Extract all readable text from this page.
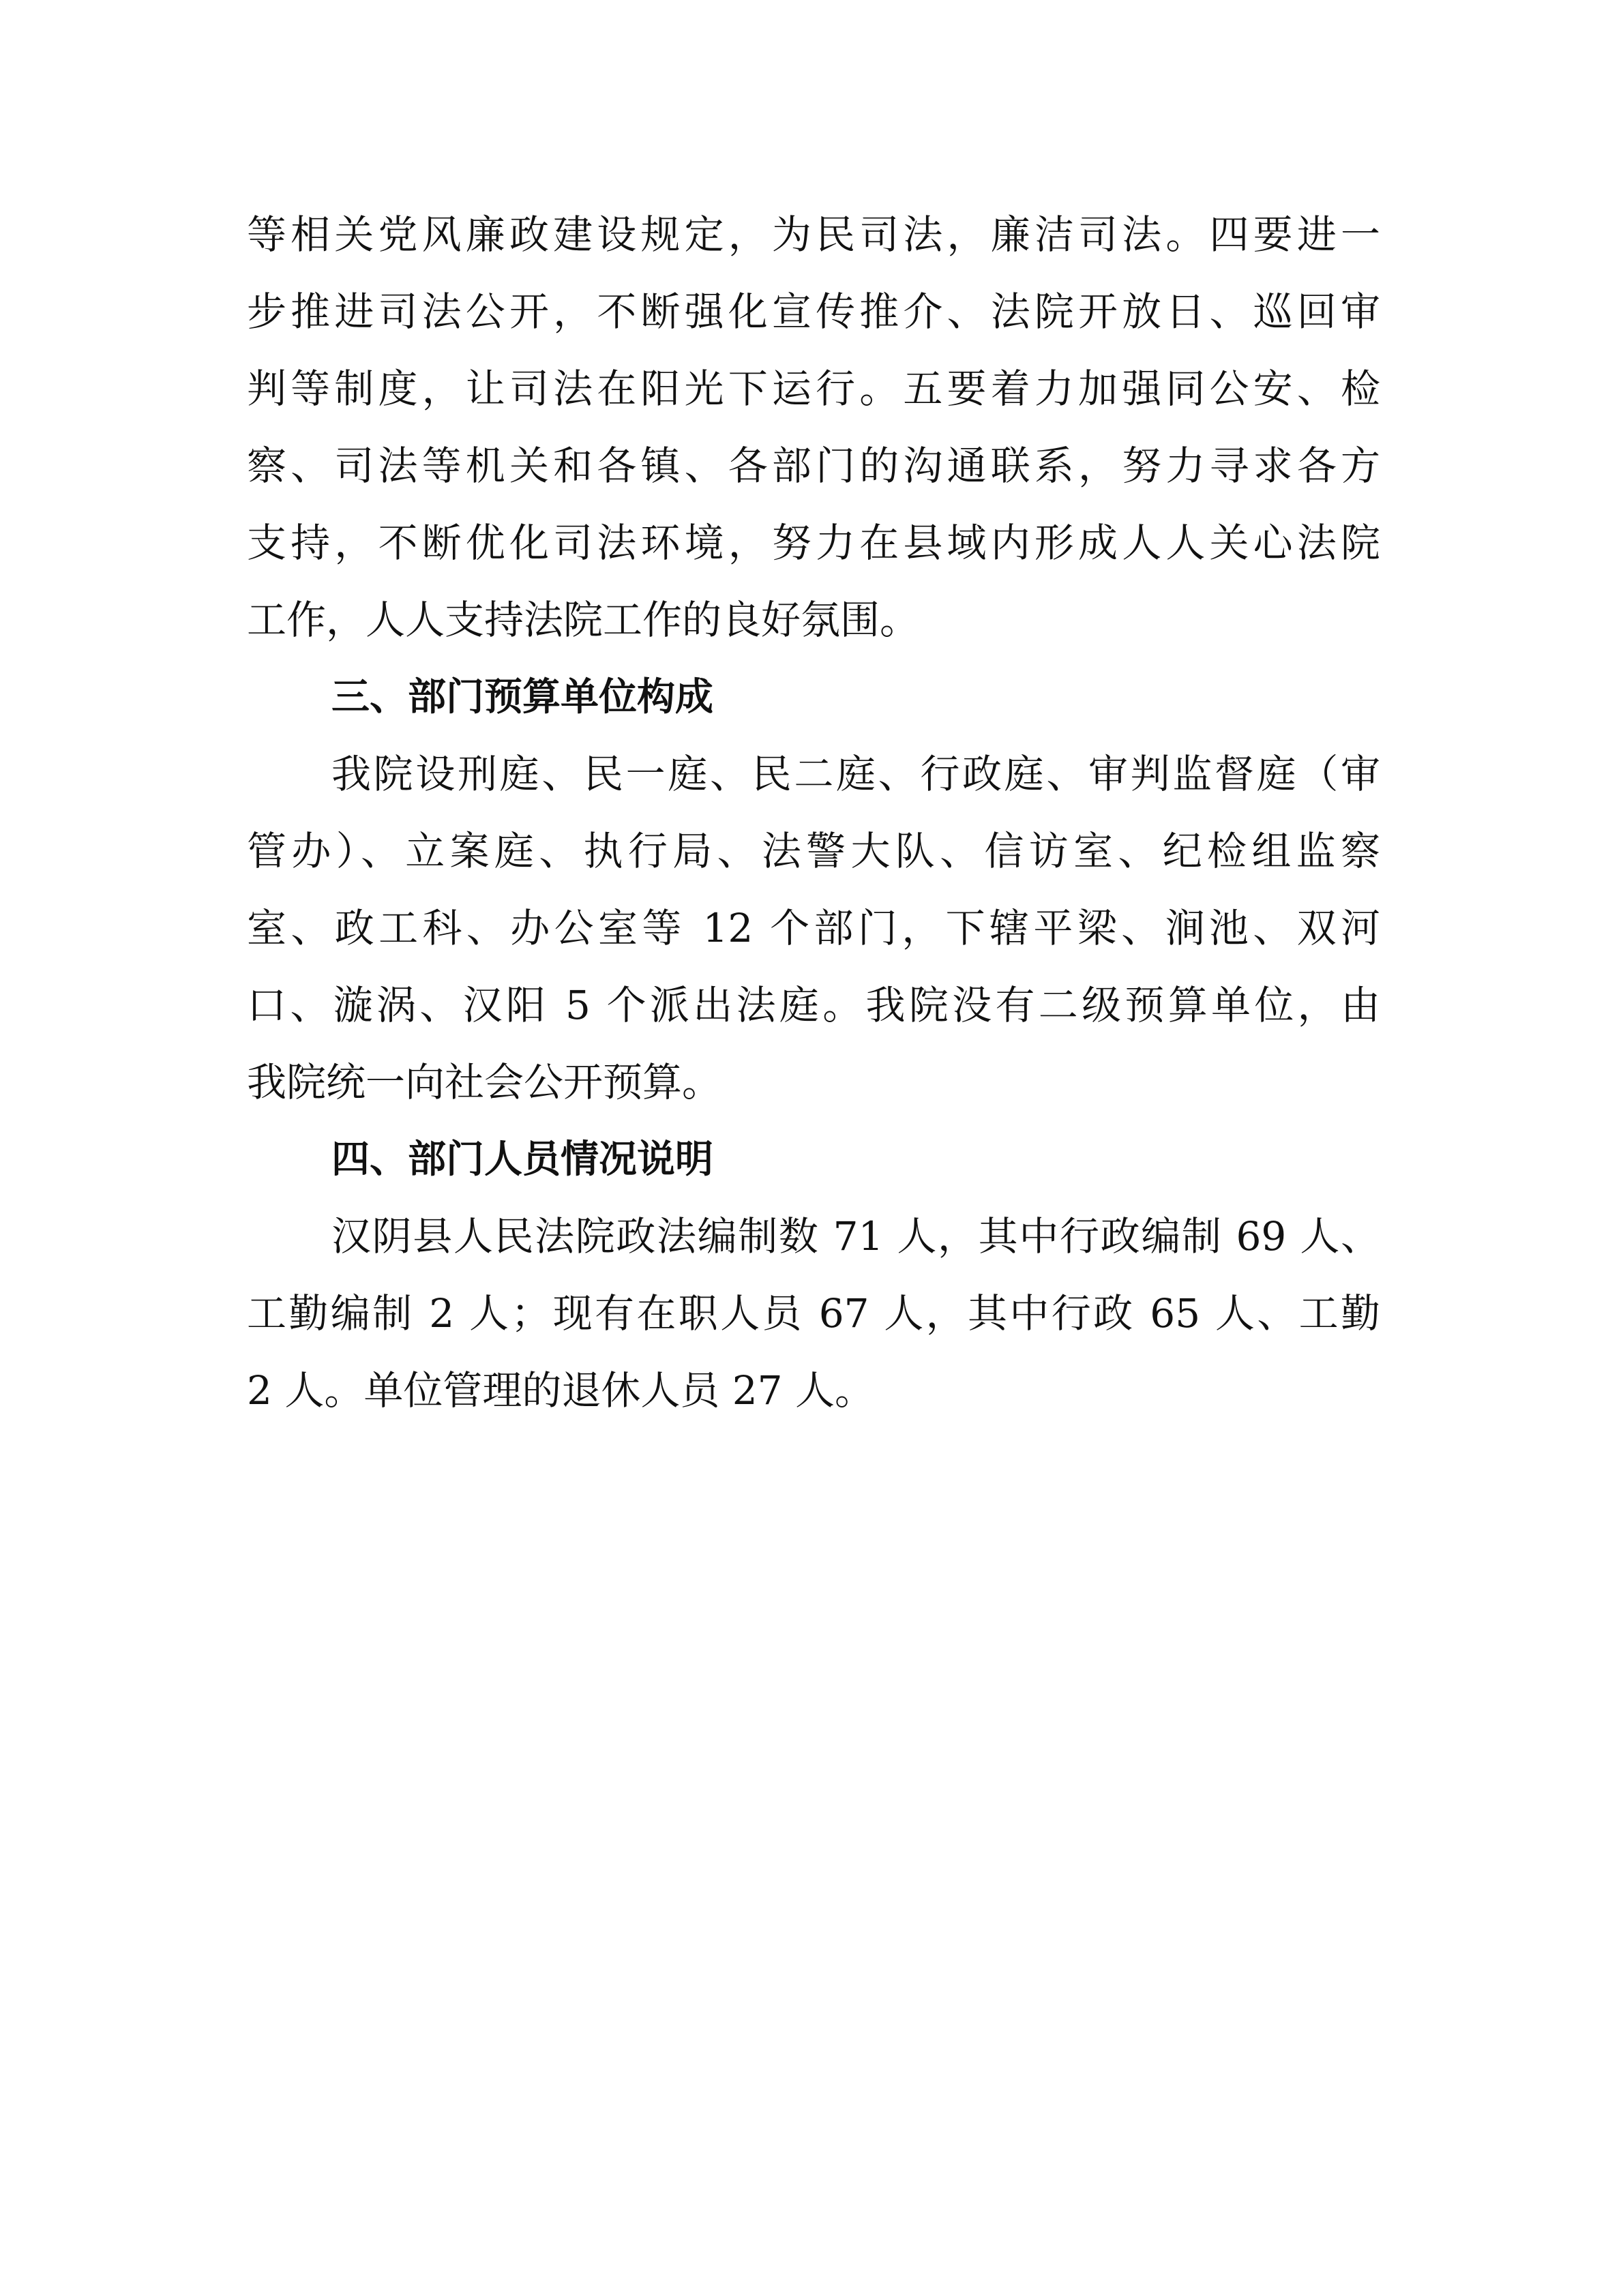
等相关党风廉政建设规定，为民司法，廉洁司法。四要进一
步推进司法公开，不断强化宣传推介、法院开放日、巡回审
判等制度，让司法在阳光下运行。五要着力加强同公安、检
察、司法等机关和各镇、各部门的沟通联系，努力寻求各方
支持，不断优化司法环境，努力在县域内形成人人关心法院
工作，人人支持法院工作的良好氛围。
三、部门预算单位构成
我院设刑庭、民一庭、民二庭、行政庭、审判监督庭（审
管办）、立案庭、执行局、法警大队、信访室、纪检组监察
室、政工科、办公室等 12 个部门，下辖平梁、涧池、双河
口、漩涡、汉阳 5 个派出法庭。我院没有二级预算单位，由
我院统一向社会公开预算。
四、部门人员情况说明
汉阴县人民法院政法编制数 71 人，其中行政编制 69 人、
工勤编制 2 人；现有在职人员 67 人，其中行政 65 人、工勤
2 人。单位管理的退休人员 27 人。
